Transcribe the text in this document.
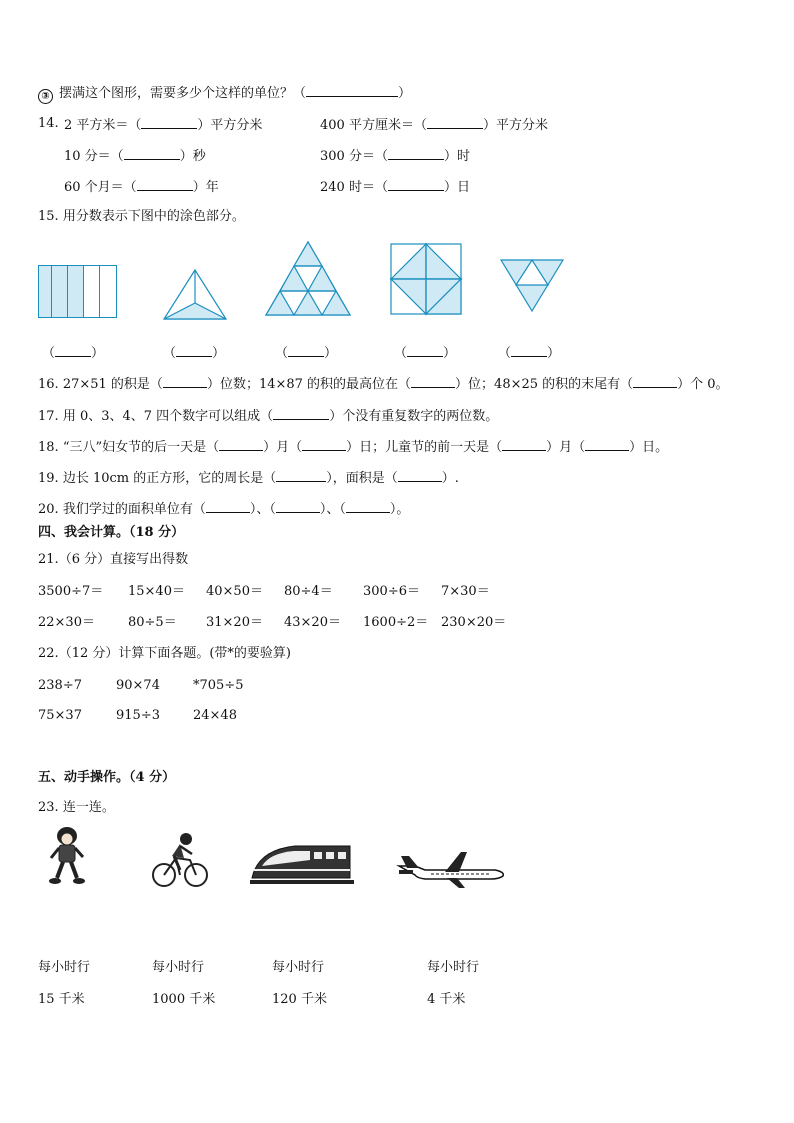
③ 摆满这个图形，需要多少个这样的单位？（	）
14. 2 平方米＝（	）平方分米	400 平方厘米＝（	）平方分米
10 分＝（	）秒	300 分＝（	）时
60 个月＝（	）年	240 时＝（	）日
15. 用分数表示下图中的涂色部分。
（	）	（	）	（	）	（	）	（	）
16. 27×51 的积是（	）位数；14×87 的积的最高位在（	）位；48×25 的积的末尾有（	）个 0。
17. 用 0、3、4、7 四个数字可以组成（	）个没有重复数字的两位数。
18. “三八”妇女节的后一天是（	）月（	）日；儿童节的前一天是（	）月（	）日。
19. 边长 10cm 的正方形，它的周长是（	），面积是（	）.
20. 我们学过的面积单位有（	）、（	）、（	）。
四、我会计算。（18 分）
21.（6 分）直接写出得数
3500÷7＝ 15×40＝ 40×50＝ 80÷4＝ 300÷6＝ 7×30＝
22×30＝	80÷5＝ 31×20＝ 43×20＝ 1600÷2＝ 230×20＝
22.（12 分）计算下面各题。(带*的要验算)
238÷7	90×74	*705÷5
75×37	915÷3	24×48
五、动手操作。（4 分）
23. 连一连。
每小时行	每小时行	每小时行	每小时行
15 千米	1000 千米	120 千米	4 千米
